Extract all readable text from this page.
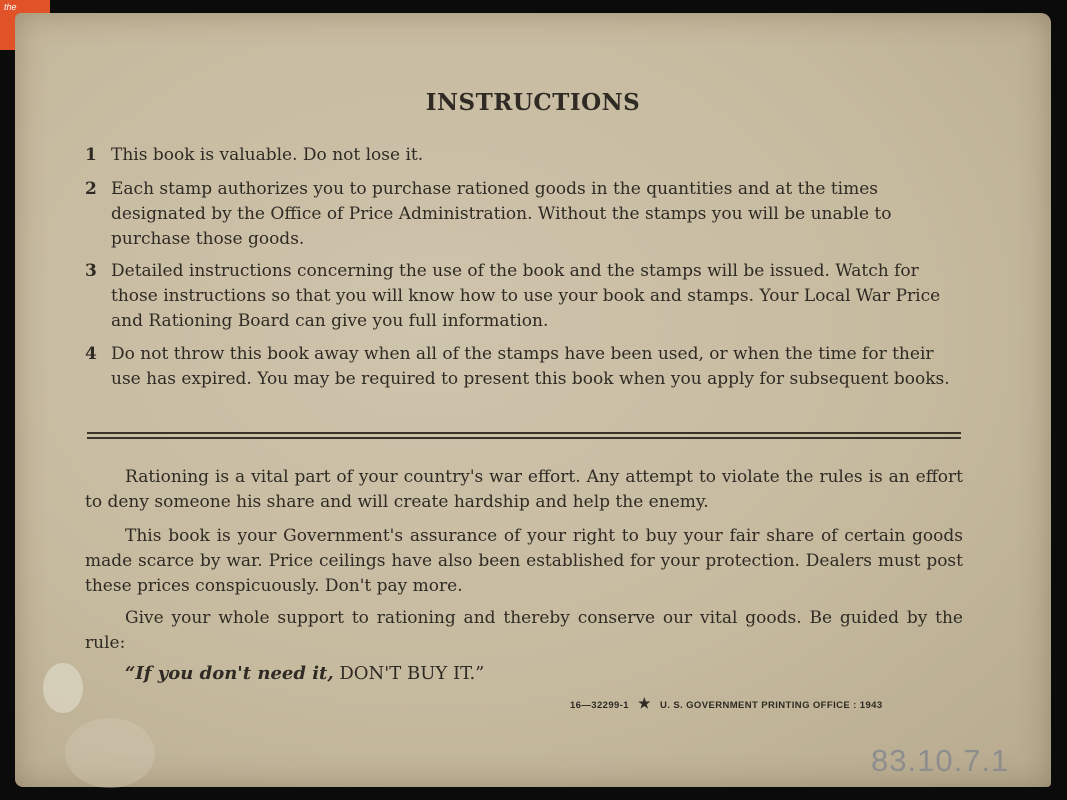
the
INSTRUCTIONS
1 This book is valuable. Do not lose it.
2 Each stamp authorizes you to purchase rationed goods in the quantities and at the times designated by the Office of Price Administration. Without the stamps you will be unable to purchase those goods.
3 Detailed instructions concerning the use of the book and the stamps will be issued. Watch for those instructions so that you will know how to use your book and stamps. Your Local War Price and Rationing Board can give you full information.
4 Do not throw this book away when all of the stamps have been used, or when the time for their use has expired. You may be required to present this book when you apply for subsequent books.
Rationing is a vital part of your country's war effort. Any attempt to violate the rules is an effort to deny someone his share and will create hardship and help the enemy.
This book is your Government's assurance of your right to buy your fair share of certain goods made scarce by war. Price ceilings have also been established for your protection. Dealers must post these prices conspicuously. Don't pay more.
Give your whole support to rationing and thereby conserve our vital goods. Be guided by the rule:
“If you don't need it, DON'T BUY IT.”
16—32299-1 ★ U. S. GOVERNMENT PRINTING OFFICE : 1943
83.10.7.1
